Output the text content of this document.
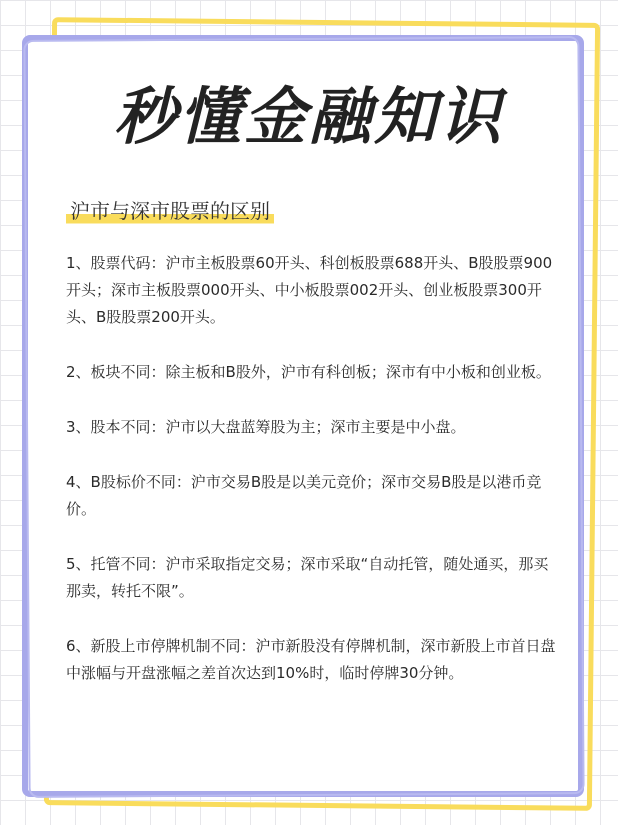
秒懂金融知识
沪市与深市股票的区别

1、股票代码：沪市主板股票60开头、科创板股票688开头、B股股票900开头；深市主板股票000开头、中小板股票002开头、创业板股票300开头、B股股票200开头。

2、板块不同：除主板和B股外，沪市有科创板；深市有中小板和创业板。

3、股本不同：沪市以大盘蓝筹股为主；深市主要是中小盘。

4、B股标价不同：沪市交易B股是以美元竞价；深市交易B股是以港币竞价。

5、托管不同：沪市采取指定交易；深市采取“自动托管，随处通买，那买那卖，转托不限”。

6、新股上市停牌机制不同：沪市新股没有停牌机制，深市新股上市首日盘中涨幅与开盘涨幅之差首次达到10%时，临时停牌30分钟。
